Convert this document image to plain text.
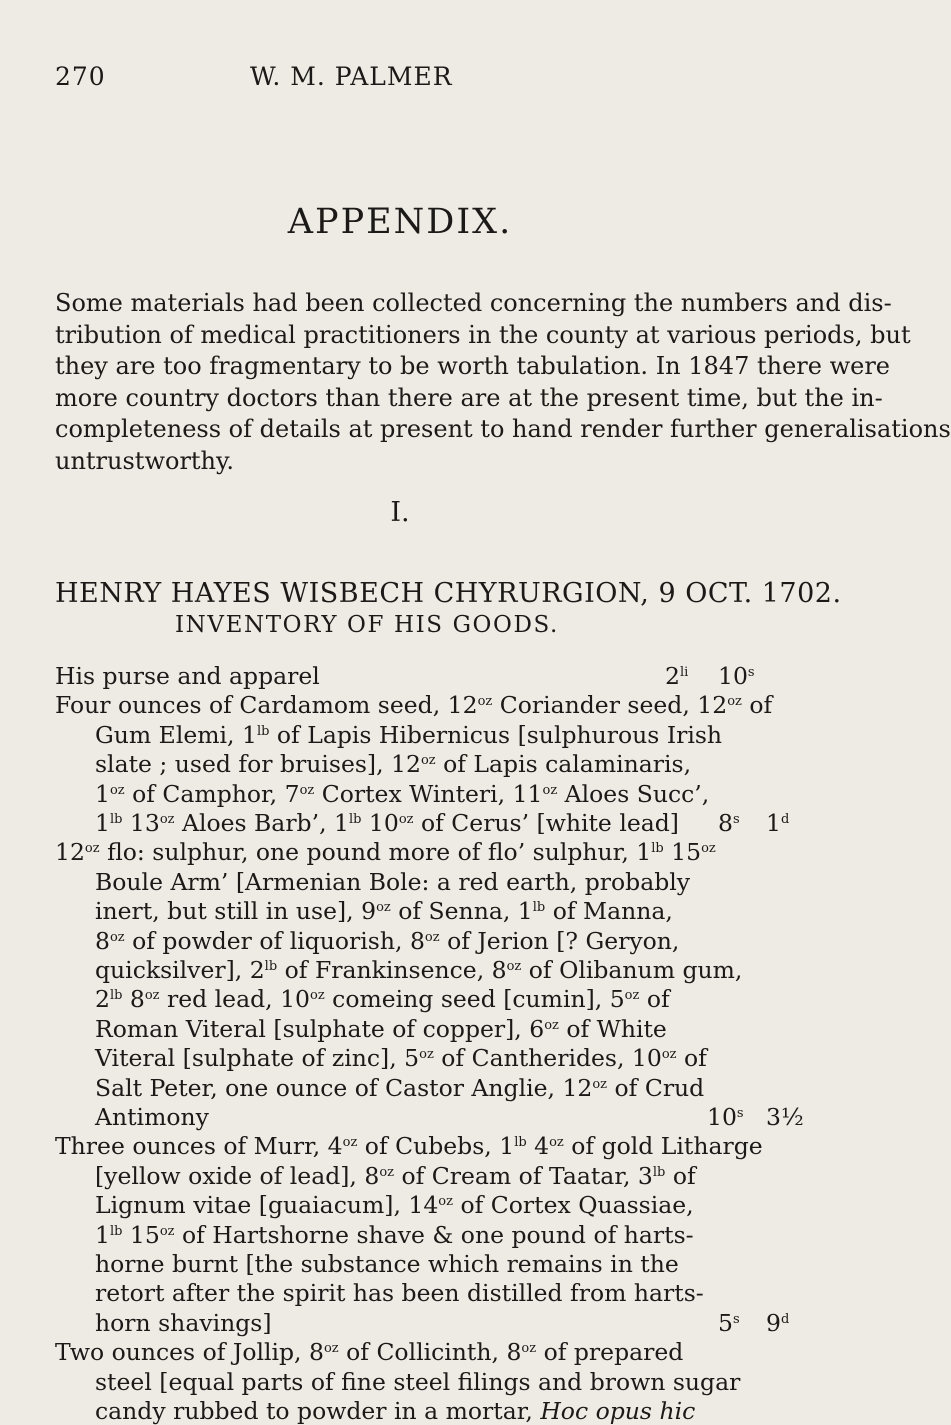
270	W. M. PALMER
APPENDIX.
Some materials had been collected concerning the numbers and dis-
tribution of medical practitioners in the county at various periods, but
they are too fragmentary to be worth tabulation. In 1847 there were
more country doctors than there are at the present time, but the in-
completeness of details at present to hand render further generalisations
untrustworthy.
I.
HENRY HAYES WISBECH CHYRURGION, 9 OCT. 1702.
INVENTORY OF HIS GOODS.
His purse and apparel	$2^{li}$ 10$^s$
Four ounces of Cardamom seed, $12^{oz}$ Coriander seed, $12^{oz}$ of
Gum Elemi, $1^{lb}$ of Lapis Hibernicus [sulphurous Irish
slate ; used for bruises], $12^{oz}$ of Lapis calaminaris,
$1^{oz}$ of Camphor, $7^{oz}$ Cortex Winteri, $11^{oz}$ Aloes Succ’,
$1^{lb}$ $13^{oz}$ Aloes Barb’, $1^{lb}$ $10^{oz}$ of Cerus’ [white lead] 8$^s$ 1$^d$
$12^{oz}$ flo: sulphur, one pound more of flo’ sulphur, $1^{lb}$ $15^{oz}$
Boule Arm’ [Armenian Bole: a red earth, probably
inert, but still in use], $9^{oz}$ of Senna, $1^{lb}$ of Manna,
$8^{oz}$ of powder of liquorish, $8^{oz}$ of Jerion [? Geryon,
quicksilver], $2^{lb}$ of Frankinsence, $8^{oz}$ of Olibanum gum,
$2^{lb}$ $8^{oz}$ red lead, $10^{oz}$ comeing seed [cumin], $5^{oz}$ of
Roman Viteral [sulphate of copper], $6^{oz}$ of White
Viteral [sulphate of zinc], $5^{oz}$ of Cantherides, $10^{oz}$ of
Salt Peter, one ounce of Castor Anglie, $12^{oz}$ of Crud
Antimony	10$^s$ 3½
Three ounces of Murr, $4^{oz}$ of Cubebs, $1^{lb}$ $4^{oz}$ of gold Litharge
[yellow oxide of lead], $8^{oz}$ of Cream of Taatar, $3^{lb}$ of
Lignum vitae [guaiacum], $14^{oz}$ of Cortex Quassiae,
$1^{lb}$ $15^{oz}$ of Hartshorne shave & one pound of harts-
horne burnt [the substance which remains in the
retort after the spirit has been distilled from harts-
horn shavings]	5$^s$ 9$^d$
Two ounces of Jollip, $8^{oz}$ of Collicinth, $8^{oz}$ of prepared
steel [equal parts of fine steel filings and brown sugar
candy rubbed to powder in a mortar, Hoc opus hic
